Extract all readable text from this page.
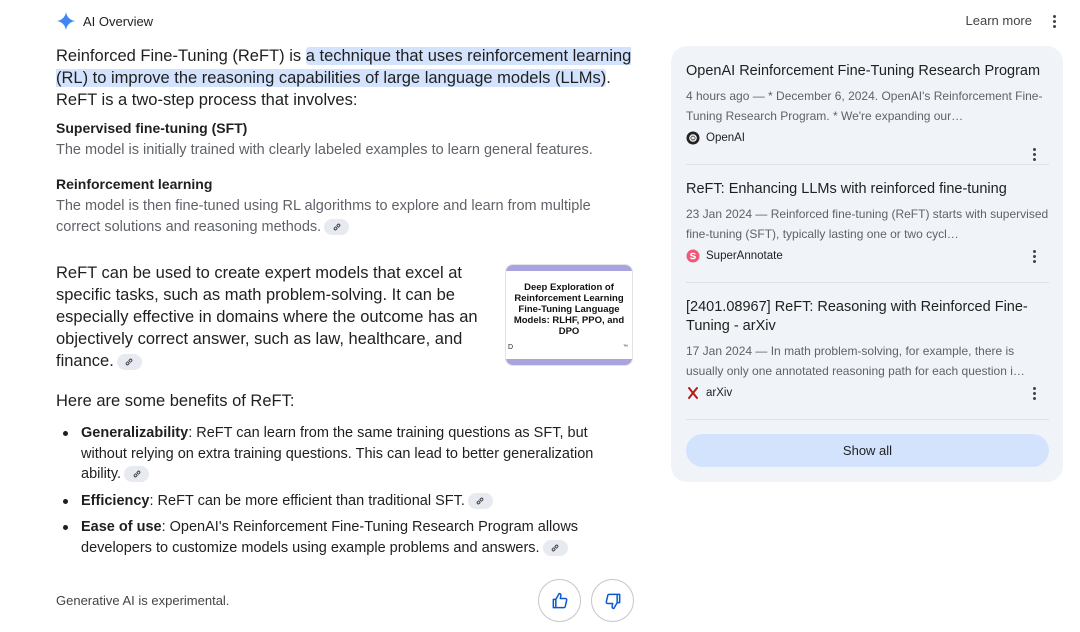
AI Overview	Learn more

Reinforced Fine-Tuning (ReFT) is a technique that uses reinforcement learning (RL) to improve the reasoning capabilities of large language models (LLMs). ReFT is a two-step process that involves:

Supervised fine-tuning (SFT)

The model is initially trained with clearly labeled examples to learn general features.

Reinforcement learning

The model is then fine-tuned using RL algorithms to explore and learn from multiple correct solutions and reasoning methods.

ReFT can be used to create expert models that excel at specific tasks, such as math problem-solving. It can be especially effective in domains where the outcome has an objectively correct answer, such as law, healthcare, and finance.

Deep Exploration of Reinforcement Learning Fine-Tuning Language Models: RLHF, PPO, and DPO
D	™
Here are some benefits of ReFT:
Generalizability: ReFT can learn from the same training questions as SFT, but without relying on extra training questions. This can lead to better generalization ability.
Efficiency: ReFT can be more efficient than traditional SFT.
Ease of use: OpenAI's Reinforcement Fine-Tuning Research Program allows developers to customize models using example problems and answers.
Generative AI is experimental.
OpenAI Reinforcement Fine-Tuning Research Program
4 hours ago — * December 6, 2024. OpenAI's Reinforcement Fine-Tuning Research Program. * We're expanding our…
OpenAI
ReFT: Enhancing LLMs with reinforced fine-tuning
23 Jan 2024 — Reinforced fine-tuning (ReFT) starts with supervised fine-tuning (SFT), typically lasting one or two cycl…
SuperAnnotate
[2401.08967] ReFT: Reasoning with Reinforced Fine-Tuning - arXiv
17 Jan 2024 — In math problem-solving, for example, there is usually only one annotated reasoning path for each question i…
arXiv
Show all
